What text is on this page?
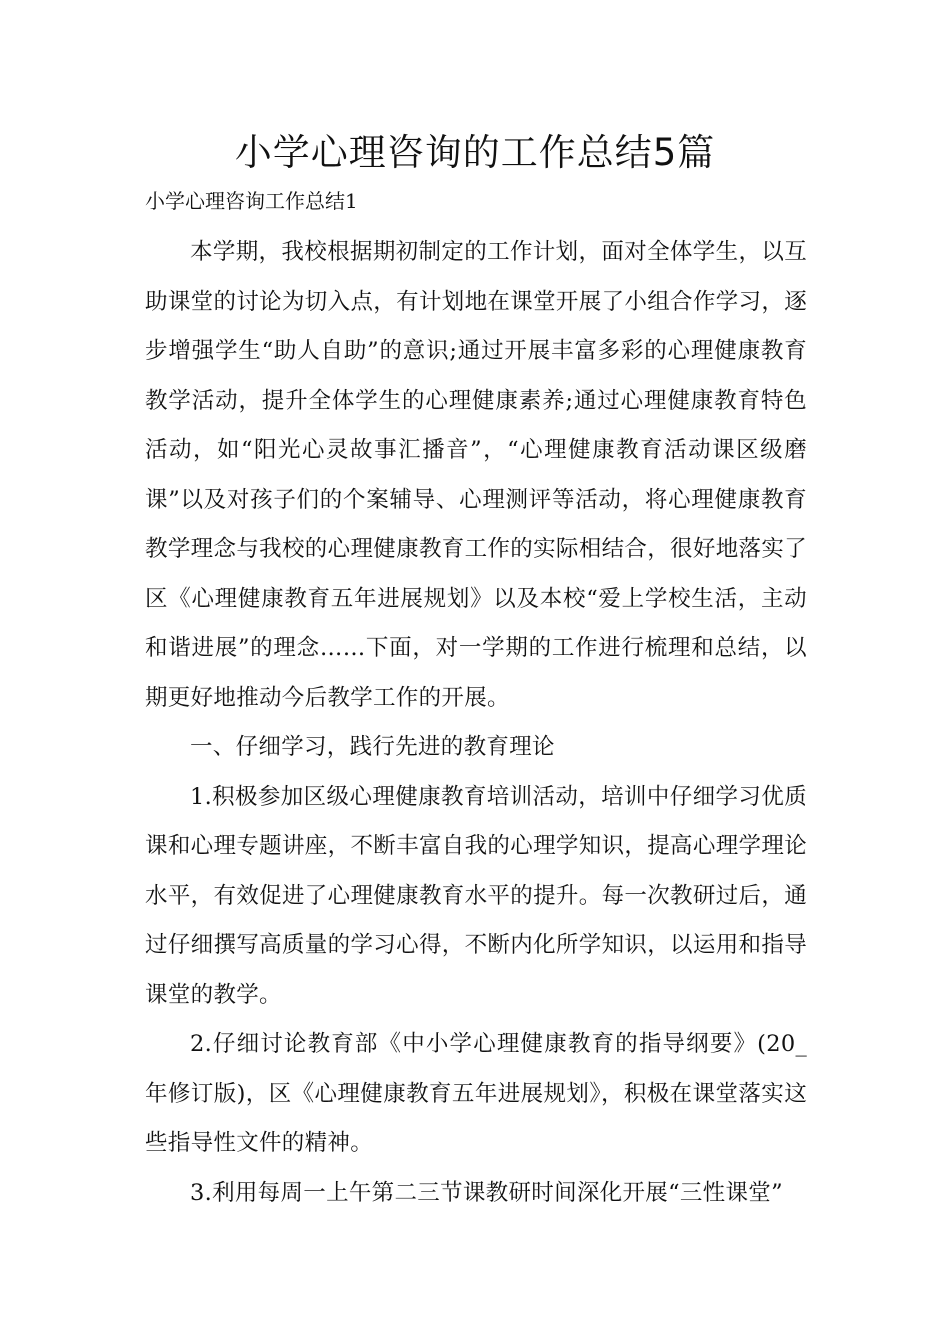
小学心理咨询的工作总结5篇

小学心理咨询工作总结1

本学期，我校根据期初制定的工作计划，面对全体学生，以互助课堂的讨论为切入点，有计划地在课堂开展了小组合作学习，逐步增强学生“助人自助”的意识;通过开展丰富多彩的心理健康教育教学活动，提升全体学生的心理健康素养;通过心理健康教育特色活动，如“阳光心灵故事汇播音”，“心理健康教育活动课区级磨课”以及对孩子们的个案辅导、心理测评等活动，将心理健康教育教学理念与我校的心理健康教育工作的实际相结合，很好地落实了区《心理健康教育五年进展规划》以及本校“爱上学校生活，主动和谐进展”的理念……下面，对一学期的工作进行梳理和总结，以期更好地推动今后教学工作的开展。

一、仔细学习，践行先进的教育理论

1.积极参加区级心理健康教育培训活动，培训中仔细学习优质课和心理专题讲座，不断丰富自我的心理学知识，提高心理学理论水平，有效促进了心理健康教育水平的提升。每一次教研过后，通过仔细撰写高质量的学习心得，不断内化所学知识，以运用和指导课堂的教学。

2.仔细讨论教育部《中小学心理健康教育的指导纲要》(20_年修订版)，区《心理健康教育五年进展规划》，积极在课堂落实这些指导性文件的精神。

3.利用每周一上午第二三节课教研时间深化开展“三性课堂”
